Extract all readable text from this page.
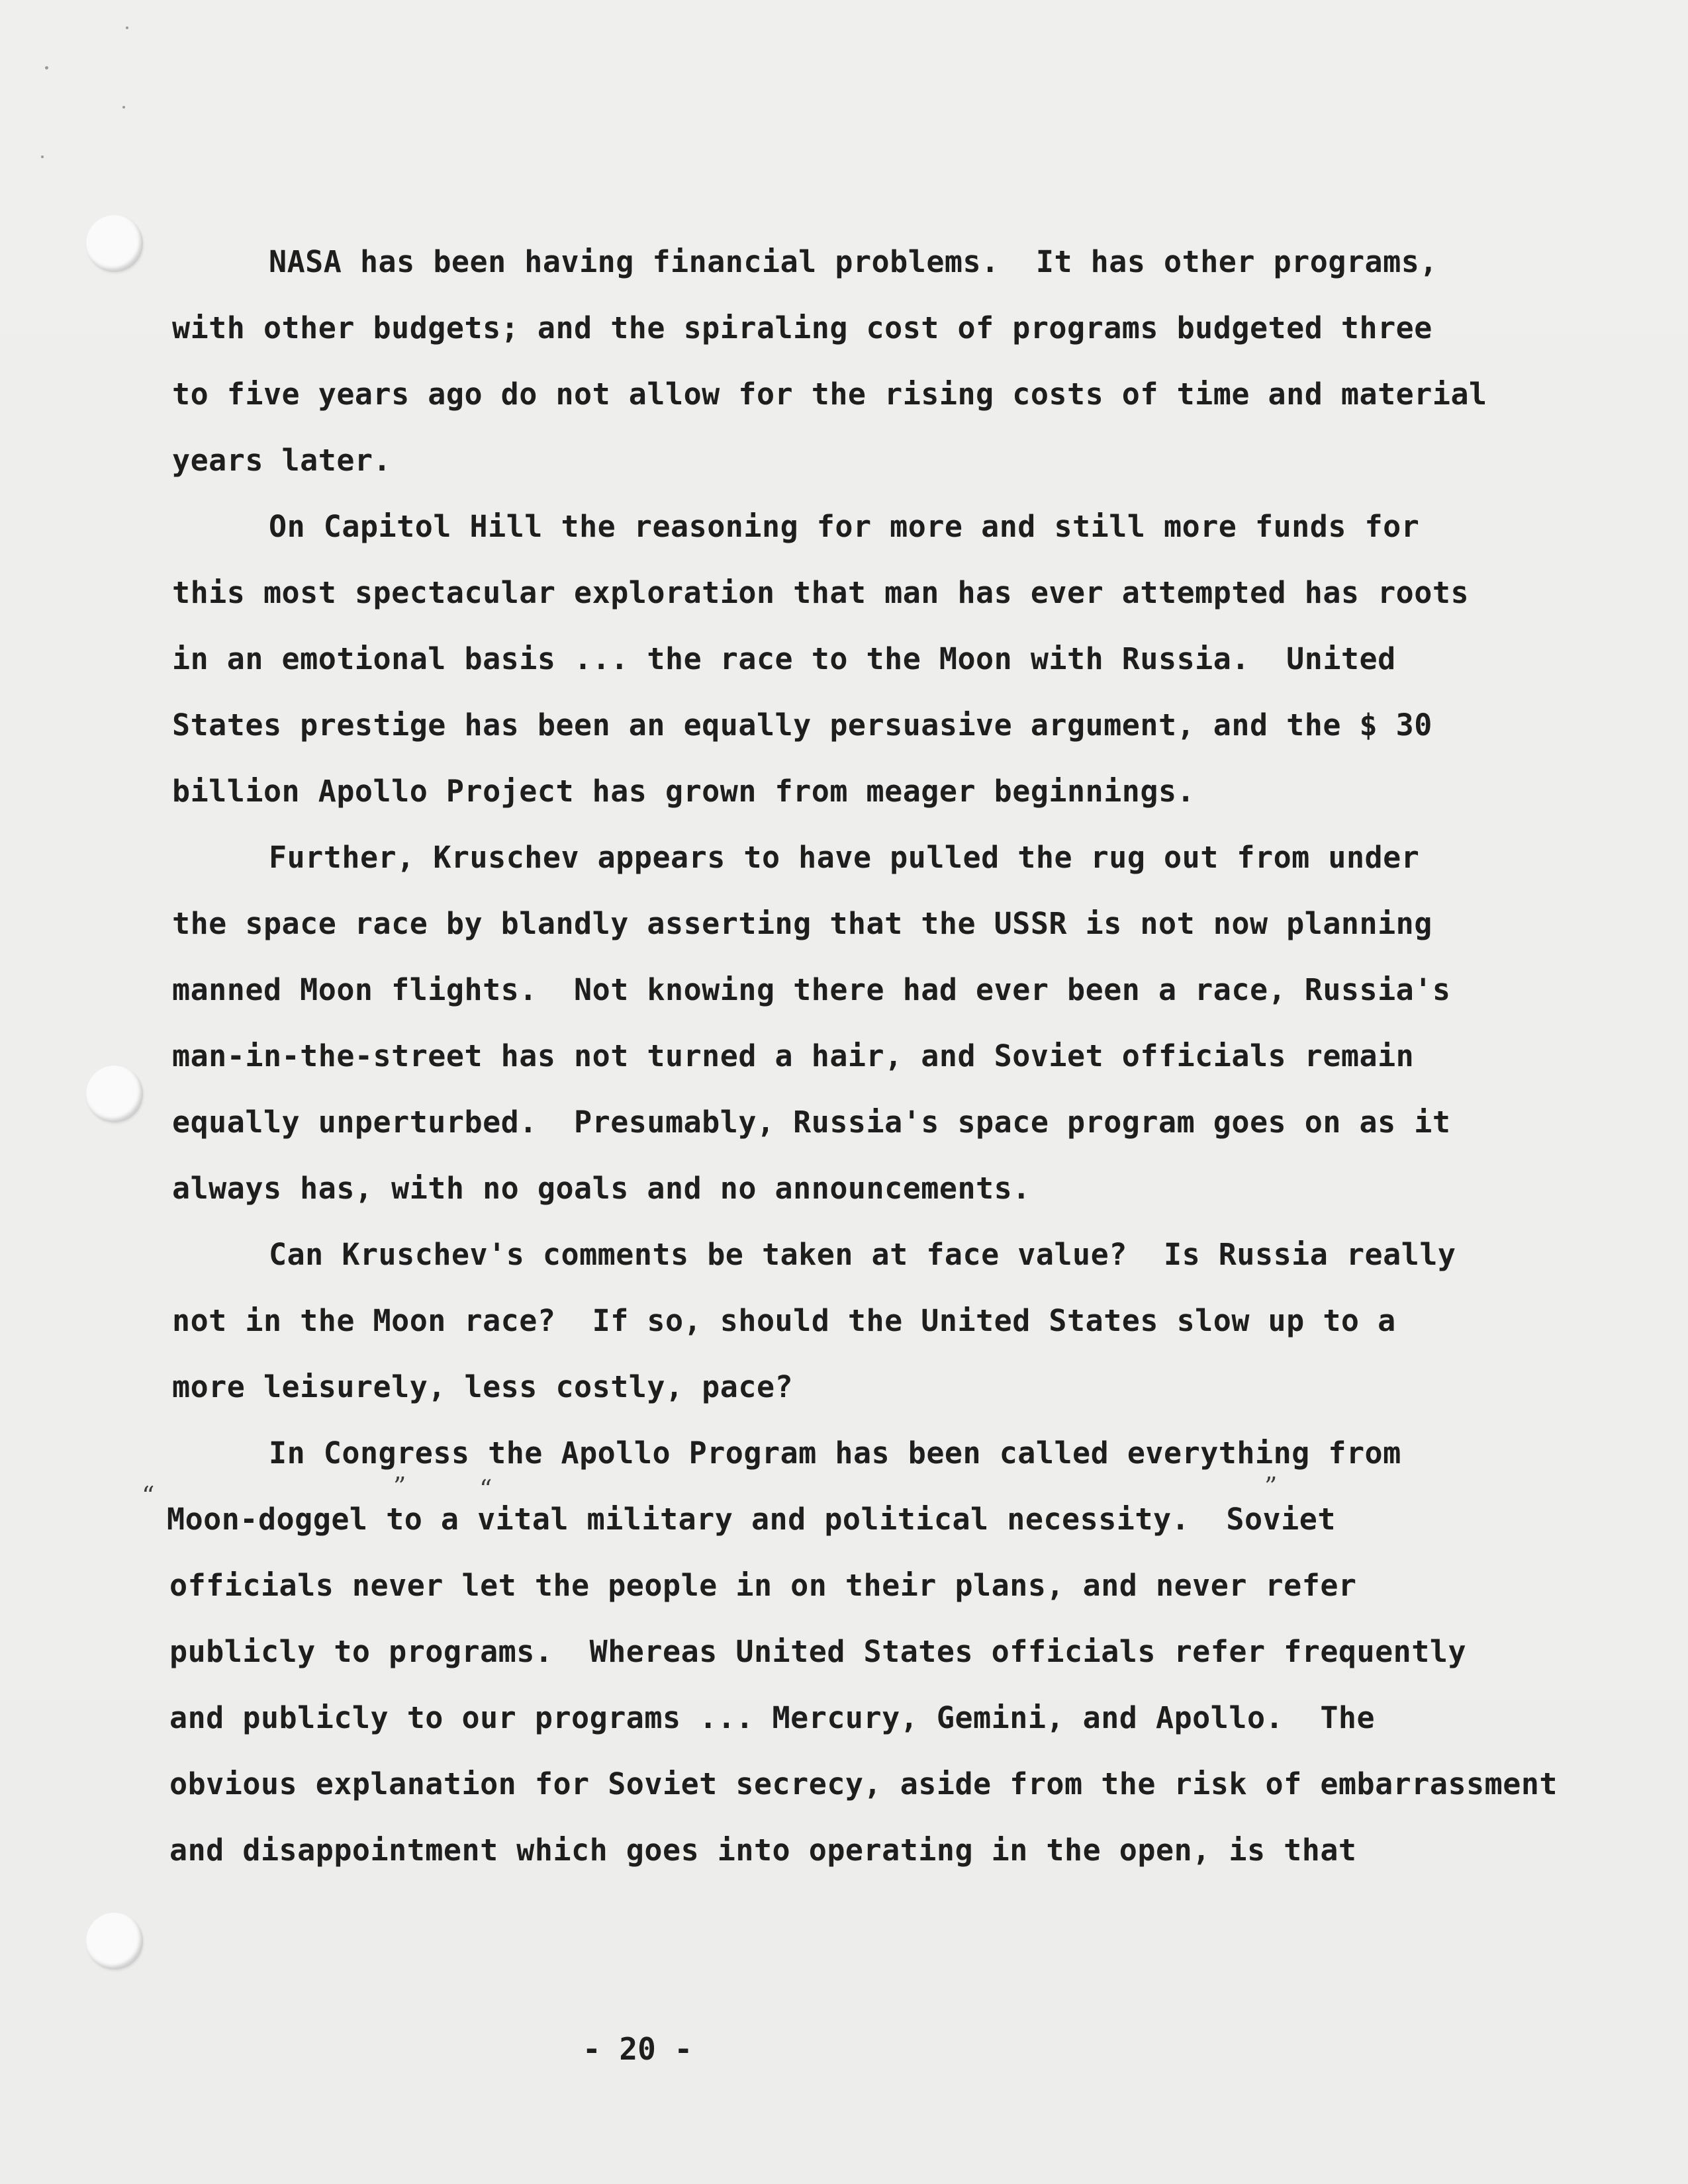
NASA has been having financial problems.  It has other programs,
with other budgets; and the spiraling cost of programs budgeted three
to five years ago do not allow for the rising costs of time and material
years later.
On Capitol Hill the reasoning for more and still more funds for
this most spectacular exploration that man has ever attempted has roots
in an emotional basis ... the race to the Moon with Russia.  United
States prestige has been an equally persuasive argument, and the $ 30
billion Apollo Project has grown from meager beginnings.
Further, Kruschev appears to have pulled the rug out from under
the space race by blandly asserting that the USSR is not now planning
manned Moon flights.  Not knowing there had ever been a race, Russia's
man-in-the-street has not turned a hair, and Soviet officials remain
equally unperturbed.  Presumably, Russia's space program goes on as it
always has, with no goals and no announcements.
Can Kruschev's comments be taken at face value?  Is Russia really
not in the Moon race?  If so, should the United States slow up to a
more leisurely, less costly, pace?
In Congress the Apollo Program has been called everything from
Moon-doggel to a vital military and political necessity.  Soviet
officials never let the people in on their plans, and never refer
publicly to programs.  Whereas United States officials refer frequently
and publicly to our programs ... Mercury, Gemini, and Apollo.  The
obvious explanation for Soviet secrecy, aside from the risk of embarrassment
and disappointment which goes into operating in the open, is that
“	”	“	”
- 20 -
